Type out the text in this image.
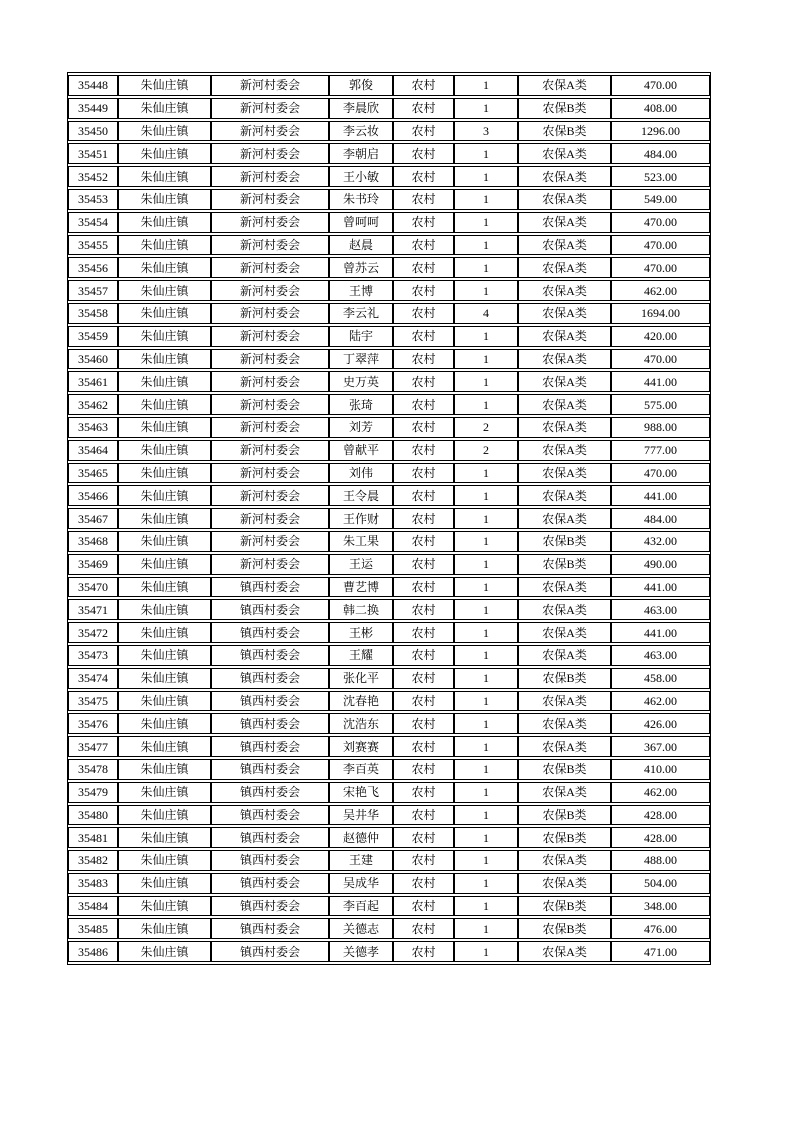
35448	朱仙庄镇	新河村委会	郭俊	农村	1	农保A类	470.00
35449	朱仙庄镇	新河村委会	李晨欣	农村	1	农保B类	408.00
35450	朱仙庄镇	新河村委会	李云妆	农村	3	农保B类	1296.00
35451	朱仙庄镇	新河村委会	李朝启	农村	1	农保A类	484.00
35452	朱仙庄镇	新河村委会	王小敏	农村	1	农保A类	523.00
35453	朱仙庄镇	新河村委会	朱书玲	农村	1	农保A类	549.00
35454	朱仙庄镇	新河村委会	曾呵呵	农村	1	农保A类	470.00
35455	朱仙庄镇	新河村委会	赵晨	农村	1	农保A类	470.00
35456	朱仙庄镇	新河村委会	曾苏云	农村	1	农保A类	470.00
35457	朱仙庄镇	新河村委会	王博	农村	1	农保A类	462.00
35458	朱仙庄镇	新河村委会	李云礼	农村	4	农保A类	1694.00
35459	朱仙庄镇	新河村委会	陆宇	农村	1	农保A类	420.00
35460	朱仙庄镇	新河村委会	丁翠萍	农村	1	农保A类	470.00
35461	朱仙庄镇	新河村委会	史万英	农村	1	农保A类	441.00
35462	朱仙庄镇	新河村委会	张琦	农村	1	农保A类	575.00
35463	朱仙庄镇	新河村委会	刘芳	农村	2	农保A类	988.00
35464	朱仙庄镇	新河村委会	曾献平	农村	2	农保A类	777.00
35465	朱仙庄镇	新河村委会	刘伟	农村	1	农保A类	470.00
35466	朱仙庄镇	新河村委会	王令晨	农村	1	农保A类	441.00
35467	朱仙庄镇	新河村委会	王作财	农村	1	农保A类	484.00
35468	朱仙庄镇	新河村委会	朱工果	农村	1	农保B类	432.00
35469	朱仙庄镇	新河村委会	王运	农村	1	农保B类	490.00
35470	朱仙庄镇	镇西村委会	曹艺博	农村	1	农保A类	441.00
35471	朱仙庄镇	镇西村委会	韩二换	农村	1	农保A类	463.00
35472	朱仙庄镇	镇西村委会	王彬	农村	1	农保A类	441.00
35473	朱仙庄镇	镇西村委会	王耀	农村	1	农保A类	463.00
35474	朱仙庄镇	镇西村委会	张化平	农村	1	农保B类	458.00
35475	朱仙庄镇	镇西村委会	沈春艳	农村	1	农保A类	462.00
35476	朱仙庄镇	镇西村委会	沈浩东	农村	1	农保A类	426.00
35477	朱仙庄镇	镇西村委会	刘赛赛	农村	1	农保A类	367.00
35478	朱仙庄镇	镇西村委会	李百英	农村	1	农保B类	410.00
35479	朱仙庄镇	镇西村委会	宋艳飞	农村	1	农保A类	462.00
35480	朱仙庄镇	镇西村委会	吴井华	农村	1	农保B类	428.00
35481	朱仙庄镇	镇西村委会	赵德仲	农村	1	农保B类	428.00
35482	朱仙庄镇	镇西村委会	王建	农村	1	农保A类	488.00
35483	朱仙庄镇	镇西村委会	吴成华	农村	1	农保A类	504.00
35484	朱仙庄镇	镇西村委会	李百起	农村	1	农保B类	348.00
35485	朱仙庄镇	镇西村委会	关德志	农村	1	农保B类	476.00
35486	朱仙庄镇	镇西村委会	关德孝	农村	1	农保A类	471.00
